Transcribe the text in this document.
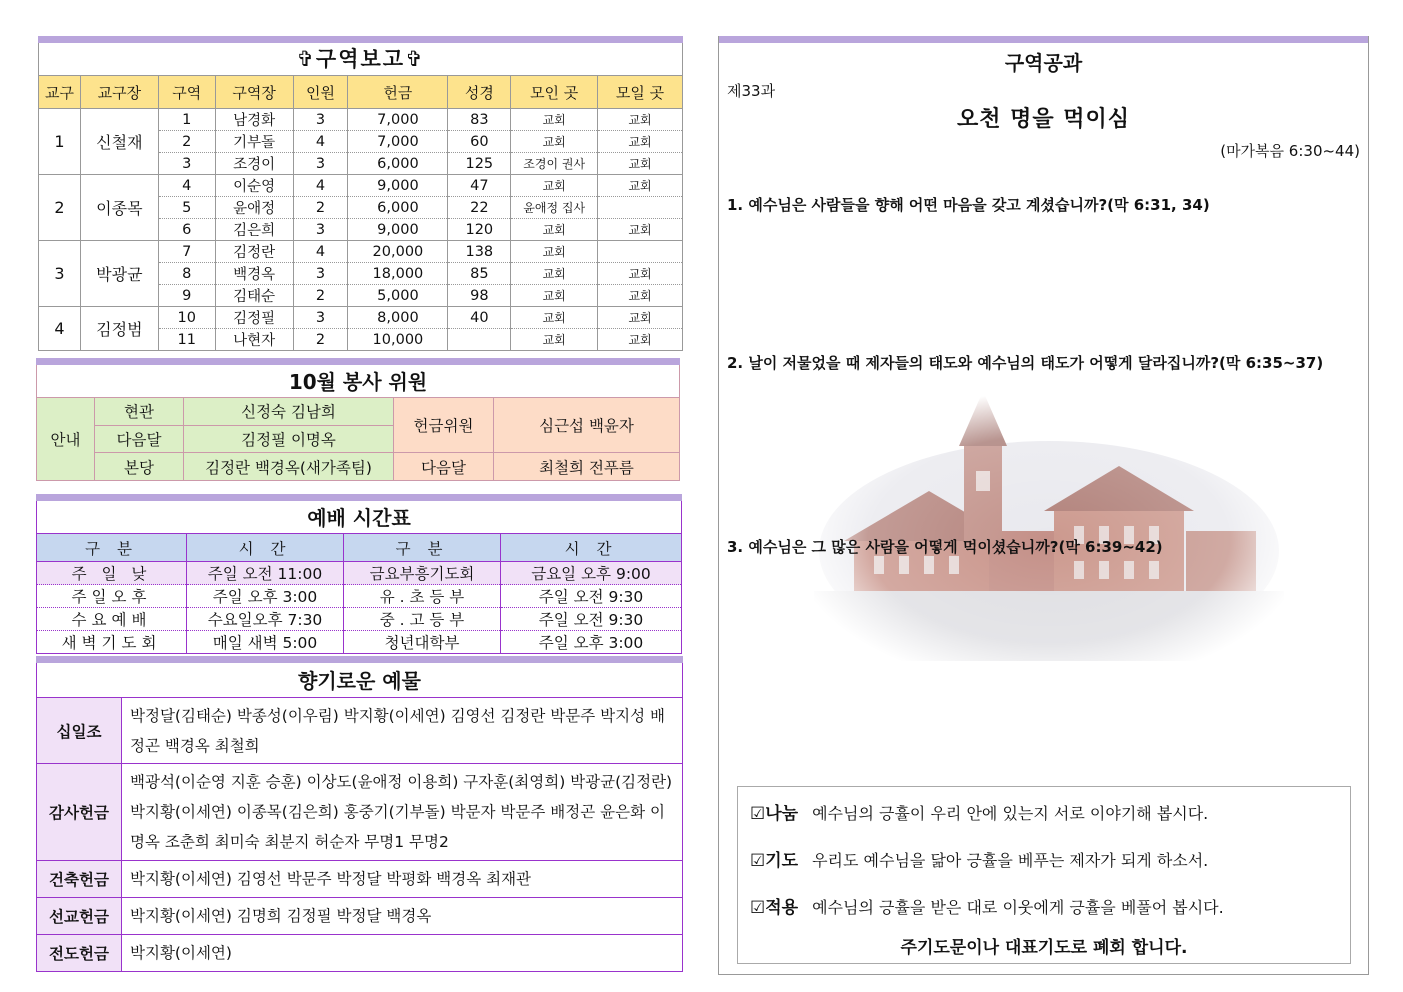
✞구역보고✞
교구	교구장	구역	구역장	인원	헌금	성경	모인 곳	모일 곳
1	신철재	1	남경화	3	7,000	83	교회	교회
		2	기부돌	4	7,000	60	교회	교회
		3	조경이	3	6,000	125	조경이 권사	교회
2	이종목	4	이순영	4	9,000	47	교회	교회
		5	윤애정	2	6,000	22	윤애정 집사	
		6	김은희	3	9,000	120	교회	교회
3	박광균	7	김정란	4	20,000	138	교회	
		8	백경옥	3	18,000	85	교회	교회
		9	김태순	2	5,000	98	교회	교회
4	김정범	10	김정필	3	8,000	40	교회	교회
		11	나현자	2	10,000		교회	교회
10월 봉사 위원
안내	현관	신정숙 김남희	헌금위원	심근섭 백윤자
	다음달	김정필 이명옥		
	본당	김정란 백경옥(새가족팀)	다음달	최철희 전푸름
예배 시간표
구 분	시 간	구 분	시 간
주 일 낮	주일 오전 11:00	금요부흥기도회	금요일 오후 9:00
주일오후	주일 오후 3:00	유 . 초 등 부	주일 오전 9:30
수요예배	수요일오후 7:30	중 . 고 등 부	주일 오전 9:30
새벽기도회	매일 새벽 5:00	청년대학부	주일 오후 3:00
향기로운 예물
십일조	박정달(김태순) 박종성(이우림) 박지황(이세연) 김영선 김정란 박문주 박지성 배정곤 백경옥 최철희
감사헌금	백광석(이순영 지훈 승훈) 이상도(윤애정 이용희) 구자훈(최영희) 박광균(김정란) 박지황(이세연) 이종목(김은희) 홍중기(기부돌) 박문자 박문주 배정곤 윤은화 이명옥 조춘희 최미숙 최분지 허순자 무명1 무명2
건축헌금	박지황(이세연) 김영선 박문주 박정달 박평화 백경옥 최재관
선교헌금	박지황(이세연) 김명희 김정필 박정달 백경옥
전도헌금	박지황(이세연)
구역공과
제33과
오천 명을 먹이심
(마가복음 6:30~44)
1. 예수님은 사람들을 향해 어떤 마음을 갖고 계셨습니까?(막 6:31, 34)
2. 날이 저물었을 때 제자들의 태도와 예수님의 태도가 어떻게 달라집니까?(막 6:35~37)
3. 예수님은 그 많은 사람을 어떻게 먹이셨습니까?(막 6:39~42)
☑나눔 예수님의 긍휼이 우리 안에 있는지 서로 이야기해 봅시다.
☑기도 우리도 예수님을 닮아 긍휼을 베푸는 제자가 되게 하소서.
☑적용 예수님의 긍휼을 받은 대로 이웃에게 긍휼을 베풀어 봅시다.
주기도문이나 대표기도로 폐회 합니다.
